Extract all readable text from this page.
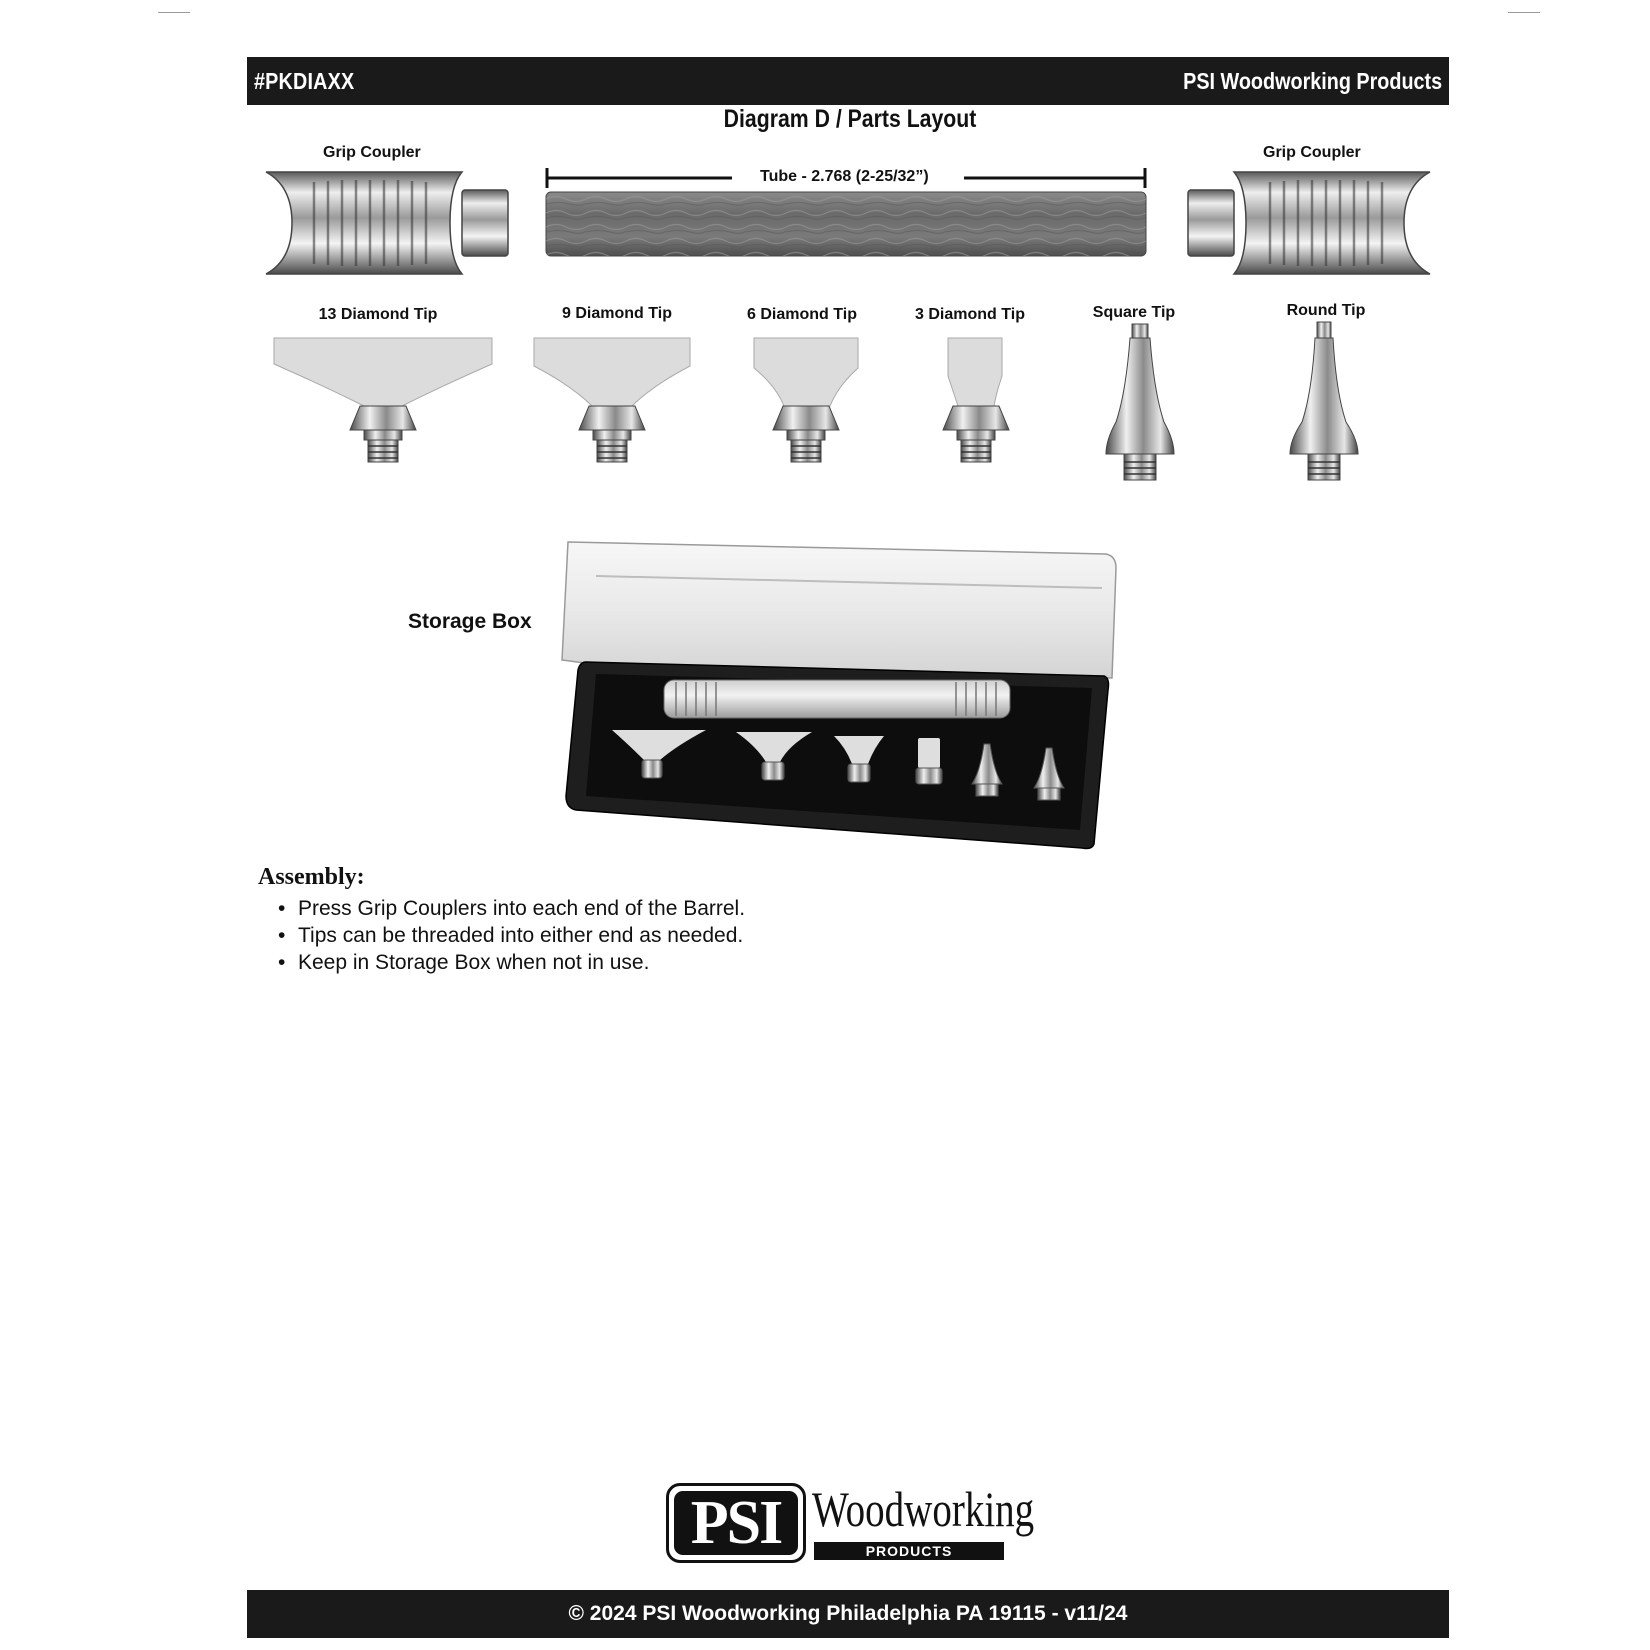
#PKDIAXX	PSI Woodworking Products
Diagram D / Parts Layout
Grip Coupler	Grip Coupler
Tube - 2.768 (2-25/32”)
13 Diamond Tip	9 Diamond Tip	6 Diamond Tip	3 Diamond Tip	Square Tip	Round Tip
Storage Box
Assembly:
• Press Grip Couplers into each end of the Barrel.
• Tips can be threaded into either end as needed.
• Keep in Storage Box when not in use.
PSI Woodworking
PRODUCTS
© 2024 PSI Woodworking Philadelphia PA 19115 - v11/24
